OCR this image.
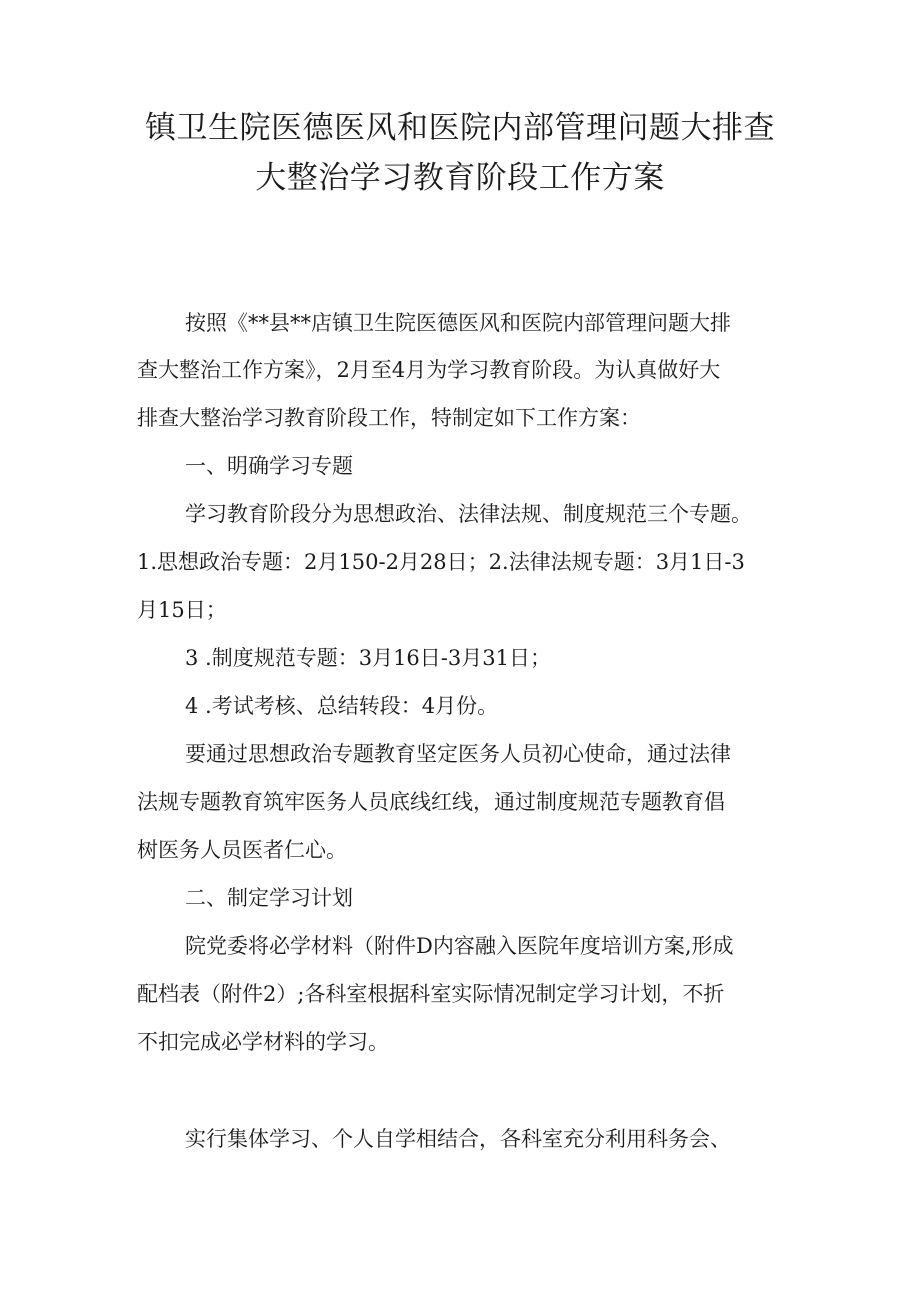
镇卫生院医德医风和医院内部管理问题大排查
大整治学习教育阶段工作方案
按照《**县**店镇卫生院医德医风和医院内部管理问题大排
查大整治工作方案》，2月至4月为学习教育阶段。为认真做好大
排查大整治学习教育阶段工作，特制定如下工作方案：
一、明确学习专题
学习教育阶段分为思想政治、法律法规、制度规范三个专题。
1.思想政治专题：2月150-2月28日；2.法律法规专题：3月1日-3
月15日；
3 .制度规范专题：3月16日-3月31日；
4 .考试考核、总结转段：4月份。
要通过思想政治专题教育坚定医务人员初心使命，通过法律
法规专题教育筑牢医务人员底线红线，通过制度规范专题教育倡
树医务人员医者仁心。
二、制定学习计划
院党委将必学材料（附件D内容融入医院年度培训方案,形成
配档表（附件2）;各科室根据科室实际情况制定学习计划，不折
不扣完成必学材料的学习。
实行集体学习、个人自学相结合，各科室充分利用科务会、
